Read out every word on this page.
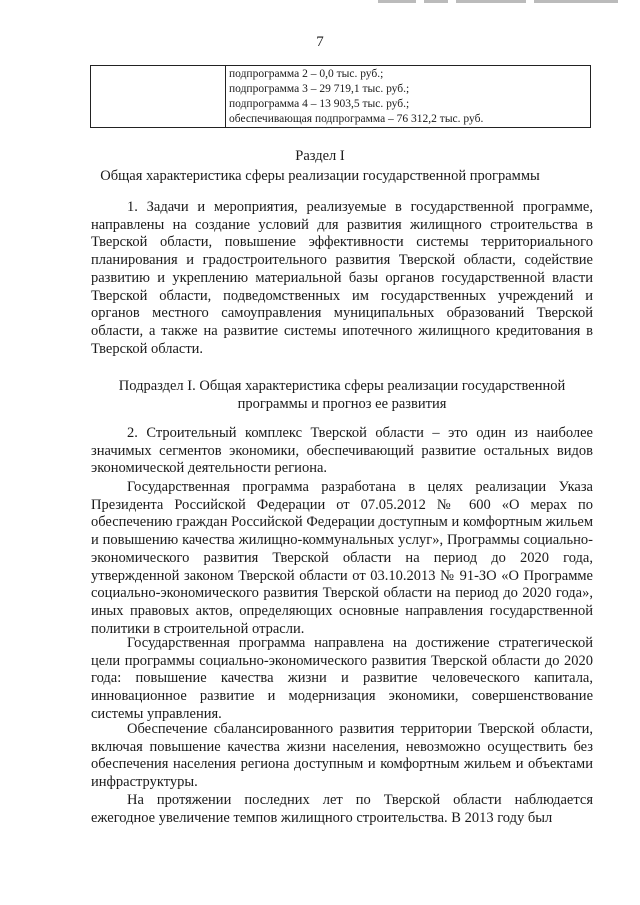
7
подпрограмма 2 – 0,0 тыс. руб.;
подпрограмма 3 – 29 719,1 тыс. руб.;
подпрограмма 4 – 13 903,5 тыс. руб.;
обеспечивающая подпрограмма – 76 312,2 тыс. руб.
Раздел I
Общая характеристика сферы реализации государственной программы
1. Задачи и мероприятия, реализуемые в государственной программе, направлены на создание условий для развития жилищного строительства в Тверской области, повышение эффективности системы территориального планирования и градостроительного развития Тверской области, содействие развитию и укреплению материальной базы органов государственной власти Тверской области, подведомственных им государственных учреждений и органов местного самоуправления муниципальных образований Тверской области, а также на развитие системы ипотечного жилищного кредитования в Тверской области.
Подраздел I. Общая характеристика сферы реализации государственной
программы и прогноз ее развития
2. Строительный комплекс Тверской области – это один из наиболее значимых сегментов экономики, обеспечивающий развитие остальных видов экономической деятельности региона.
Государственная программа разработана в целях реализации Указа Президента Российской Федерации от 07.05.2012 № 600 «О мерах по обеспечению граждан Российской Федерации доступным и комфортным жильем и повышению качества жилищно-коммунальных услуг», Программы социально-экономического развития Тверской области на период до 2020 года, утвержденной законом Тверской области от 03.10.2013 № 91-ЗО «О Программе социально-экономического развития Тверской области на период до 2020 года», иных правовых актов, определяющих основные направления государственной политики в строительной отрасли.
Государственная программа направлена на достижение стратегической цели программы социально-экономического развития Тверской области до 2020 года: повышение качества жизни и развитие человеческого капитала, инновационное развитие и модернизация экономики, совершенствование системы управления.
Обеспечение сбалансированного развития территории Тверской области, включая повышение качества жизни населения, невозможно осуществить без обеспечения населения региона доступным и комфортным жильем и объектами инфраструктуры.
На протяжении последних лет по Тверской области наблюдается ежегодное увеличение темпов жилищного строительства. В 2013 году был
